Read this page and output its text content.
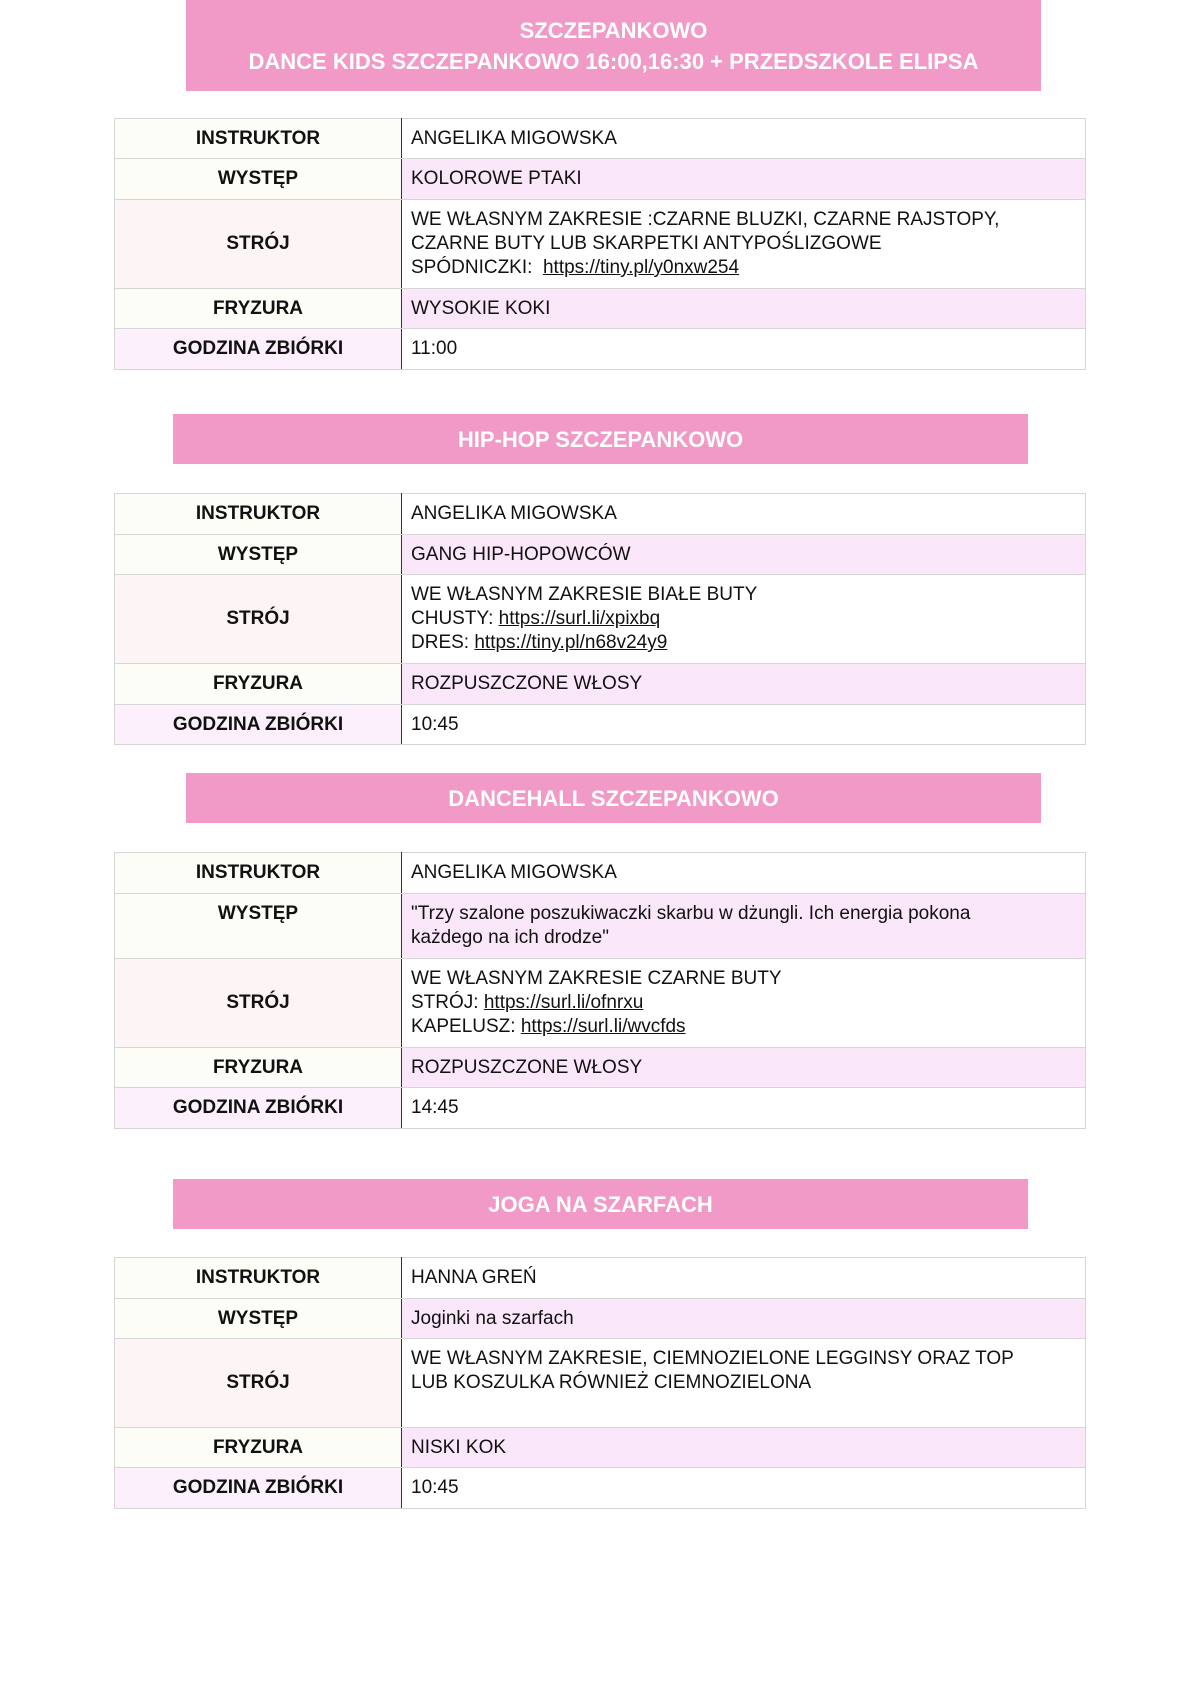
SZCZEPANKOWO
DANCE KIDS SZCZEPANKOWO 16:00,16:30 + PRZEDSZKOLE ELIPSA
INSTRUKTOR	ANGELIKA MIGOWSKA
WYSTĘP	KOLOROWE PTAKI

STRÓJ	WE WŁASNYM ZAKRESIE :CZARNE BLUZKI, CZARNE RAJSTOPY,
CZARNE BUTY LUB SKARPETKI ANTYPOŚLIZGOWE
SPÓDNICZKI:  https://tiny.pl/y0nxw254

FRYZURA	WYSOKIE KOKI
GODZINA ZBIÓRKI	11:00
HIP-HOP SZCZEPANKOWO
INSTRUKTOR	ANGELIKA MIGOWSKA
WYSTĘP	GANG HIP-HOPOWCÓW

STRÓJ	WE WŁASNYM ZAKRESIE BIAŁE BUTY
CHUSTY: https://surl.li/xpixbq
DRES: https://tiny.pl/n68v24y9

FRYZURA	ROZPUSZCZONE WŁOSY
GODZINA ZBIÓRKI	10:45
DANCEHALL SZCZEPANKOWO
INSTRUKTOR	ANGELIKA MIGOWSKA
WYSTĘP	"Trzy szalone poszukiwaczki skarbu w dżungli. Ich energia pokona
każdego na ich drodze"

STRÓJ	WE WŁASNYM ZAKRESIE CZARNE BUTY
STRÓJ: https://surl.li/ofnrxu
KAPELUSZ: https://surl.li/wvcfds

FRYZURA	ROZPUSZCZONE WŁOSY
GODZINA ZBIÓRKI	14:45
JOGA NA SZARFACH
INSTRUKTOR	HANNA GREŃ
WYSTĘP	Joginki na szarfach

STRÓJ	WE WŁASNYM ZAKRESIE, CIEMNOZIELONE LEGGINSY ORAZ TOP
LUB KOSZULKA RÓWNIEŻ CIEMNOZIELONA

FRYZURA	NISKI KOK
GODZINA ZBIÓRKI	10:45
